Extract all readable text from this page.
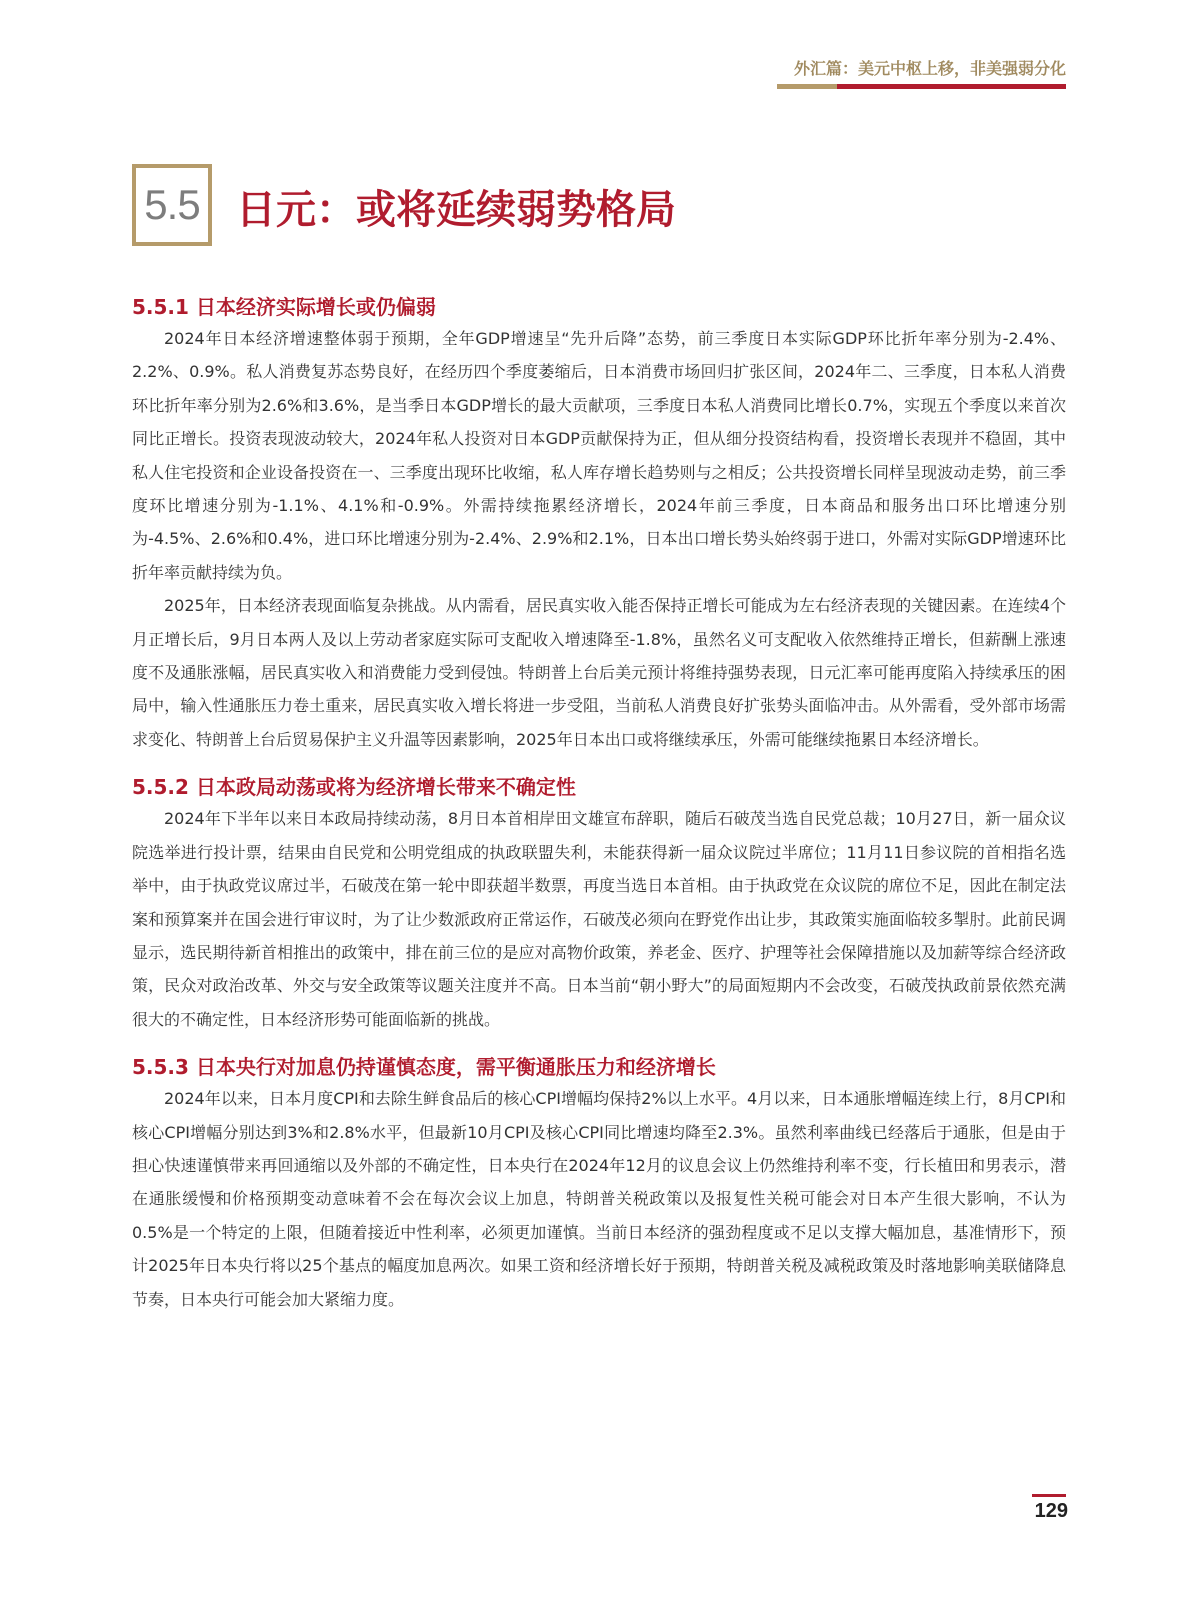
外汇篇：美元中枢上移，非美强弱分化
5.5 日元：或将延续弱势格局
5.5.1 日本经济实际增长或仍偏弱

2024年日本经济增速整体弱于预期，全年GDP增速呈“先升后降”态势，前三季度日本实际GDP环比折年率分别为-2.4%、2.2%、0.9%。私人消费复苏态势良好，在经历四个季度萎缩后，日本消费市场回归扩张区间，2024年二、三季度，日本私人消费环比折年率分别为2.6%和3.6%，是当季日本GDP增长的最大贡献项，三季度日本私人消费同比增长0.7%，实现五个季度以来首次同比正增长。投资表现波动较大，2024年私人投资对日本GDP贡献保持为正，但从细分投资结构看，投资增长表现并不稳固，其中私人住宅投资和企业设备投资在一、三季度出现环比收缩，私人库存增长趋势则与之相反；公共投资增长同样呈现波动走势，前三季度环比增速分别为-1.1%、4.1%和-0.9%。外需持续拖累经济增长，2024年前三季度，日本商品和服务出口环比增速分别为-4.5%、2.6%和0.4%，进口环比增速分别为-2.4%、2.9%和2.1%，日本出口增长势头始终弱于进口，外需对实际GDP增速环比折年率贡献持续为负。

2025年，日本经济表现面临复杂挑战。从内需看，居民真实收入能否保持正增长可能成为左右经济表现的关键因素。在连续4个月正增长后，9月日本两人及以上劳动者家庭实际可支配收入增速降至-1.8%，虽然名义可支配收入依然维持正增长，但薪酬上涨速度不及通胀涨幅，居民真实收入和消费能力受到侵蚀。特朗普上台后美元预计将维持强势表现，日元汇率可能再度陷入持续承压的困局中，输入性通胀压力卷土重来，居民真实收入增长将进一步受阻，当前私人消费良好扩张势头面临冲击。从外需看，受外部市场需求变化、特朗普上台后贸易保护主义升温等因素影响，2025年日本出口或将继续承压，外需可能继续拖累日本经济增长。

5.5.2 日本政局动荡或将为经济增长带来不确定性

2024年下半年以来日本政局持续动荡，8月日本首相岸田文雄宣布辞职，随后石破茂当选自民党总裁；10月27日，新一届众议院选举进行投计票，结果由自民党和公明党组成的执政联盟失利，未能获得新一届众议院过半席位；11月11日参议院的首相指名选举中，由于执政党议席过半，石破茂在第一轮中即获超半数票，再度当选日本首相。由于执政党在众议院的席位不足，因此在制定法案和预算案并在国会进行审议时，为了让少数派政府正常运作，石破茂必须向在野党作出让步，其政策实施面临较多掣肘。此前民调显示，选民期待新首相推出的政策中，排在前三位的是应对高物价政策，养老金、医疗、护理等社会保障措施以及加薪等综合经济政策，民众对政治改革、外交与安全政策等议题关注度并不高。日本当前“朝小野大”的局面短期内不会改变，石破茂执政前景依然充满很大的不确定性，日本经济形势可能面临新的挑战。

5.5.3 日本央行对加息仍持谨慎态度，需平衡通胀压力和经济增长

2024年以来，日本月度CPI和去除生鲜食品后的核心CPI增幅均保持2%以上水平。4月以来，日本通胀增幅连续上行，8月CPI和核心CPI增幅分别达到3%和2.8%水平，但最新10月CPI及核心CPI同比增速均降至2.3%。虽然利率曲线已经落后于通胀，但是由于担心快速谨慎带来再回通缩以及外部的不确定性，日本央行在2024年12月的议息会议上仍然维持利率不变，行长植田和男表示，潜在通胀缓慢和价格预期变动意味着不会在每次会议上加息，特朗普关税政策以及报复性关税可能会对日本产生很大影响，不认为0.5%是一个特定的上限，但随着接近中性利率，必须更加谨慎。当前日本经济的强劲程度或不足以支撑大幅加息，基准情形下，预计2025年日本央行将以25个基点的幅度加息两次。如果工资和经济增长好于预期，特朗普关税及减税政策及时落地影响美联储降息节奏，日本央行可能会加大紧缩力度。

129
